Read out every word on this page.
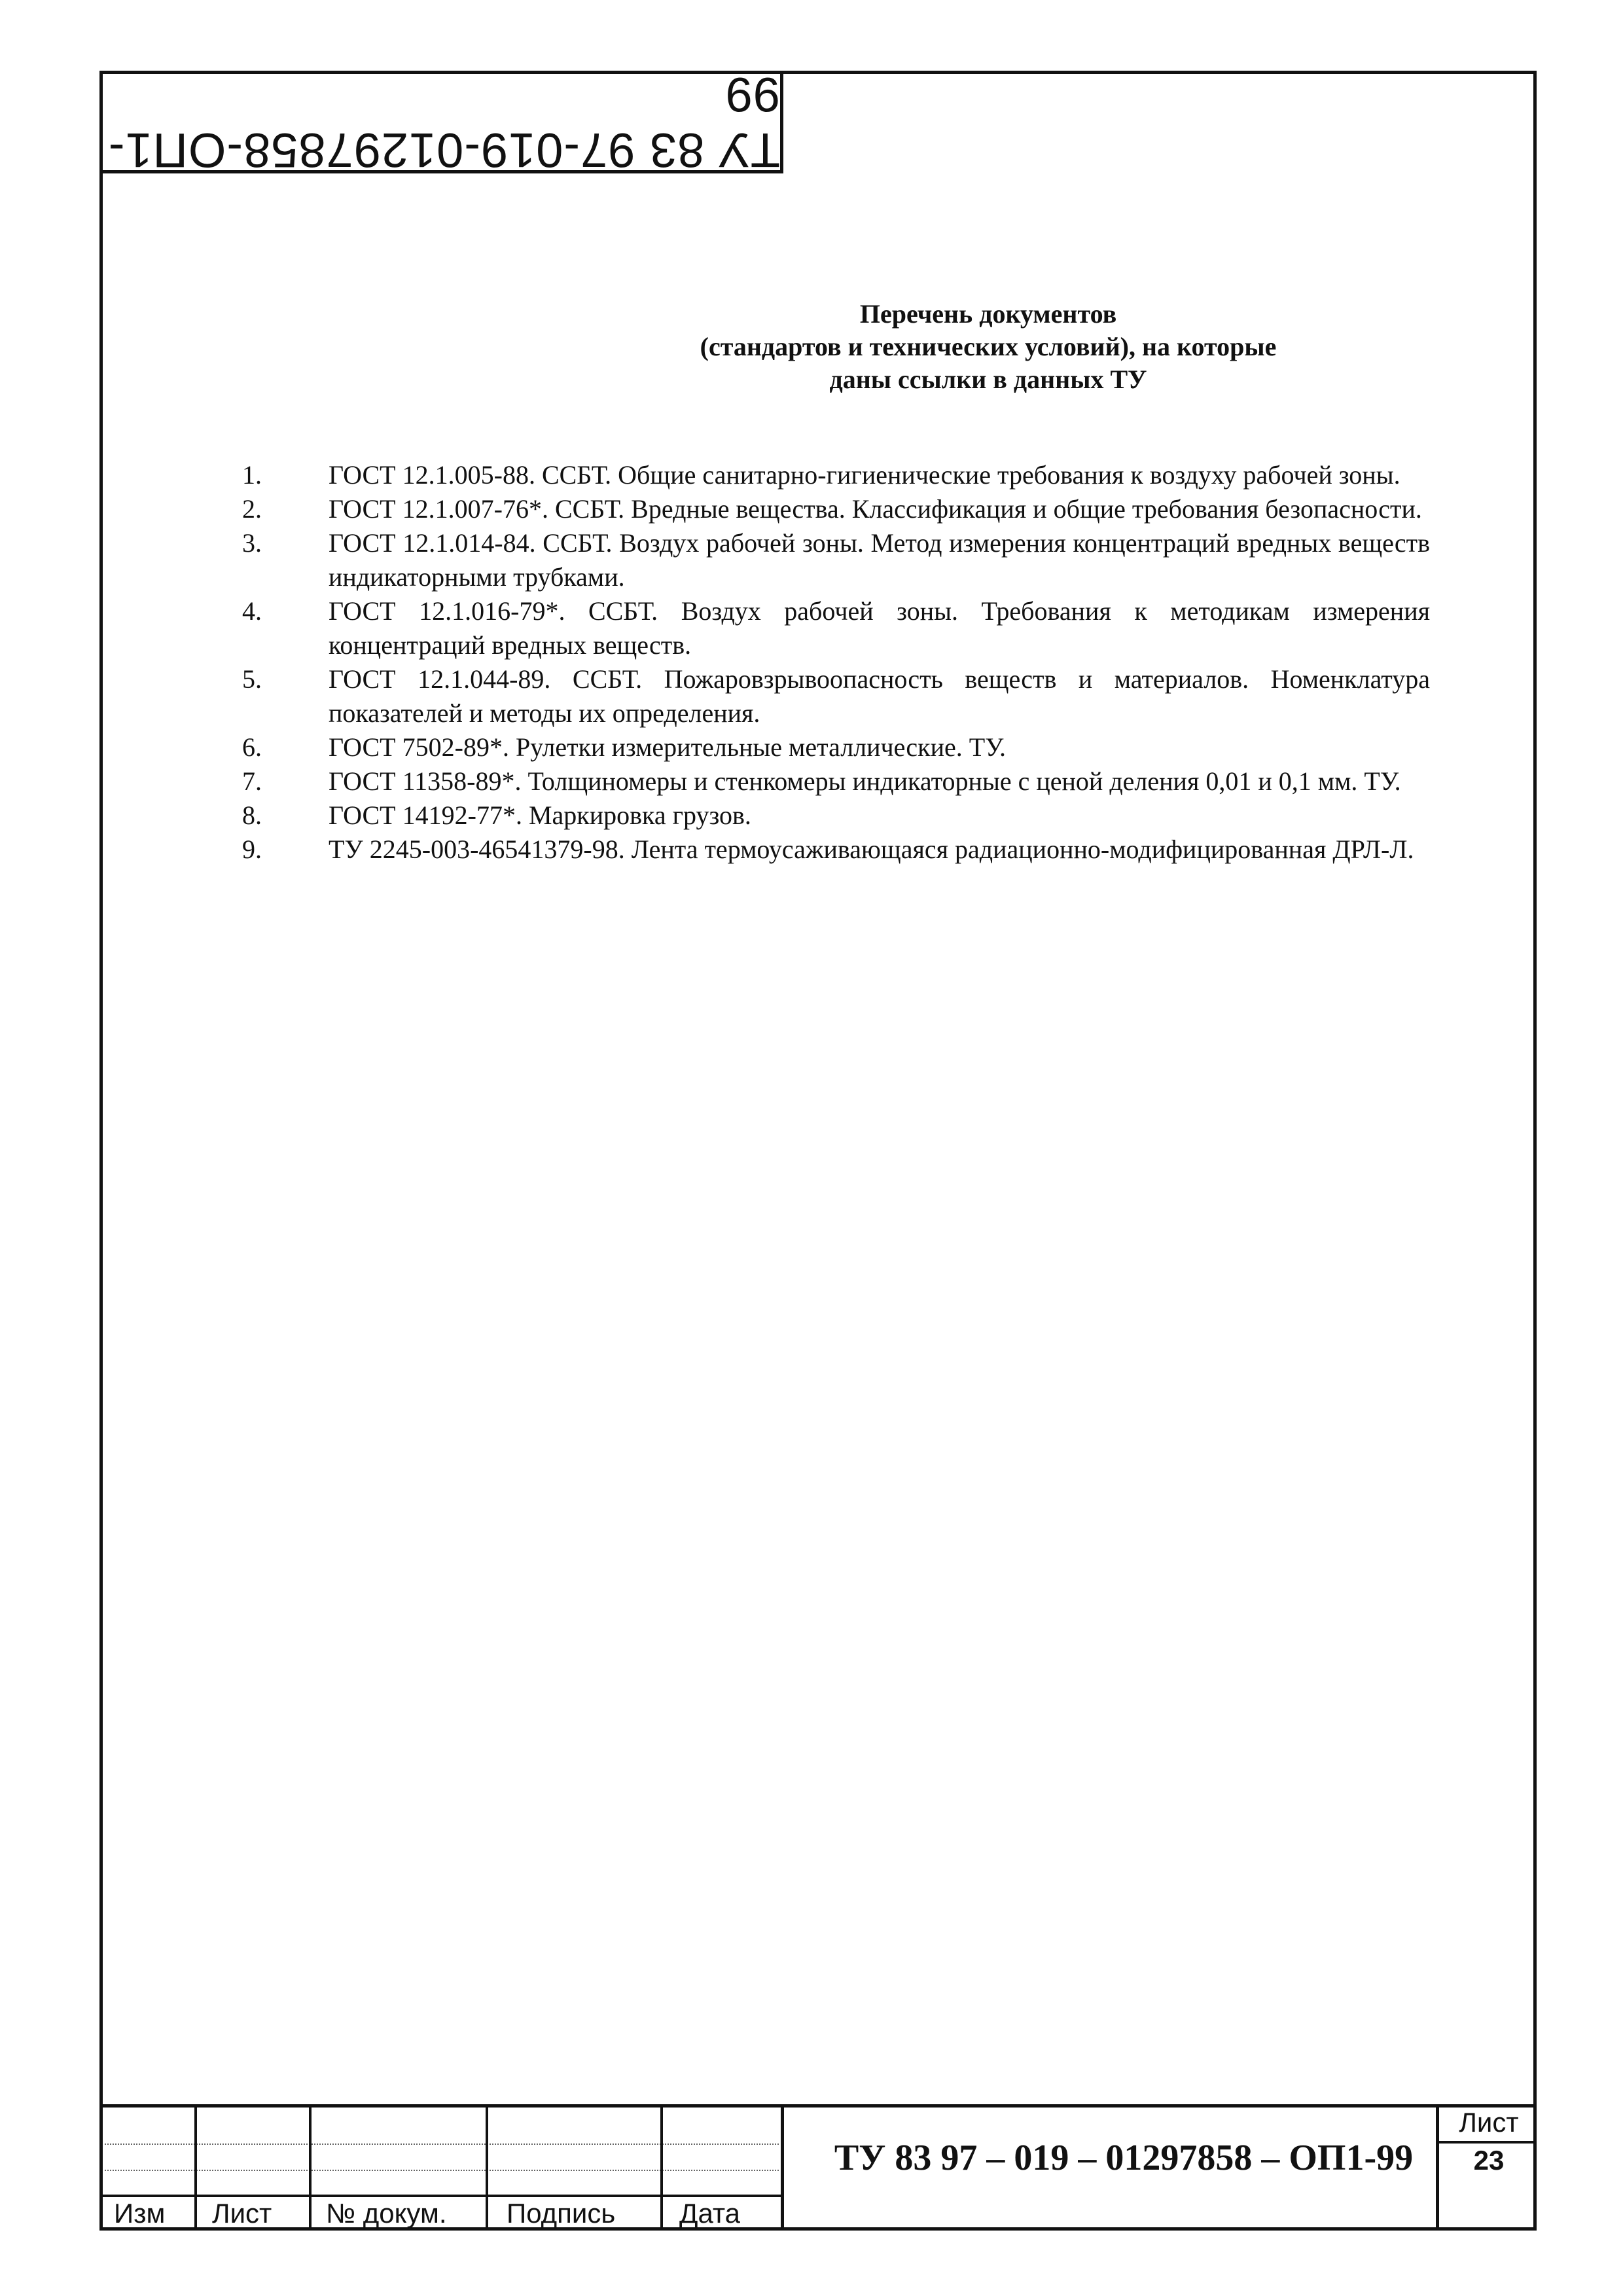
ТУ 83 97-019-01297858-ОП1-99
Перечень документов
(стандартов и технических условий), на которые
даны ссылки в данных ТУ
1.	ГОСТ 12.1.005-88. ССБТ. Общие санитарно-гигиенические требования к воздуху рабочей зоны.
2.	ГОСТ 12.1.007-76*. ССБТ. Вредные вещества. Классификация и общие требования безопасности.
3.	ГОСТ 12.1.014-84. ССБТ. Воздух рабочей зоны. Метод измерения концентраций вредных веществ индикаторными трубками.
4.	ГОСТ 12.1.016-79*. ССБТ. Воздух рабочей зоны. Требования к методикам измерения концентраций вредных веществ.
5.	ГОСТ 12.1.044-89. ССБТ. Пожаровзрывоопасность веществ и материалов. Номенклатура показателей и методы их определения.
6.	ГОСТ 7502-89*. Рулетки измерительные металлические. ТУ.
7.	ГОСТ 11358-89*. Толщиномеры и стенкомеры индикаторные с ценой деления 0,01 и 0,1 мм. ТУ.
8.	ГОСТ 14192-77*. Маркировка грузов.
9.	ТУ 2245-003-46541379-98. Лента термоусаживающаяся радиационно-модифицированная ДРЛ-Л.
Изм Лист № докум. Подпись Дата
ТУ 83 97 – 019 – 01297858 – ОП1-99
Лист
23
